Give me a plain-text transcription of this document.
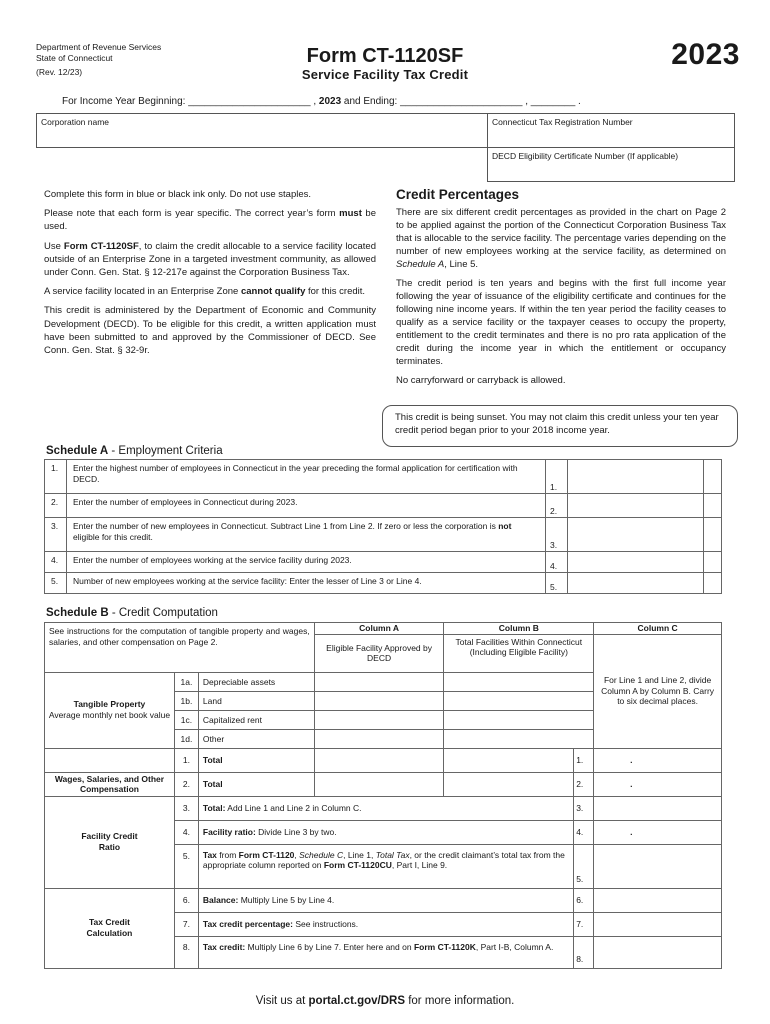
Department of Revenue Services
State of Connecticut
(Rev. 12/23)
Form CT-1120SF
Service Facility Tax Credit
2023
For Income Year Beginning: ______________________ , 2023 and Ending: ______________________ , ________ .
Corporation name	Connecticut Tax Registration Number
DECD Eligibility Certificate Number (If applicable)

Complete this form in blue or black ink only. Do not use staples.

Please note that each form is year specific. The correct year’s form must be used.

Use Form CT-1120SF, to claim the credit allocable to a service facility located outside of an Enterprise Zone in a targeted investment community, as allowed under Conn. Gen. Stat. § 12-217e against the Corporation Business Tax.

A service facility located in an Enterprise Zone cannot qualify for this credit.

This credit is administered by the Department of Economic and Community Development (DECD). To be eligible for this credit, a written application must have been submitted to and approved by the Commissioner of DECD. See Conn. Gen. Stat. § 32-9r.

Credit Percentages

There are six different credit percentages as provided in the chart on Page 2 to be applied against the portion of the Connecticut Corporation Business Tax that is allocable to the service facility. The percentage varies depending on the number of new employees working at the service facility, as determined on Schedule A, Line 5.

The credit period is ten years and begins with the first full income year following the year of issuance of the eligibility certificate and continues for the following nine income years. If within the ten year period the facility ceases to qualify as a service facility or the taxpayer ceases to occupy the property, entitlement to the credit terminates and there is no pro rata application of the credit during the income year in which the entitlement or occupancy terminates.

No carryforward or carryback is allowed.

This credit is being sunset. You may not claim this credit unless your ten year credit period began prior to your 2018 income year.
Schedule A - Employment Criteria
1.	Enter the highest number of employees in Connecticut in the year preceding the formal application for certification with DECD.	1.		
2.	Enter the number of employees in Connecticut during 2023.	2.		
3.	Enter the number of new employees in Connecticut. Subtract Line 1 from Line 2. If zero or less the corporation is not eligible for this credit.	3.		
4.	Enter the number of employees working at the service facility during 2023.	4.		
5.	Number of new employees working at the service facility: Enter the lesser of Line 3 or Line 4.	5.		
Schedule B - Credit Computation
See instructions for the computation of tangible property and wages, salaries, and other compensation on Page 2.			Column A	Column B		Column C
			Eligible Facility Approved by DECD	Total Facilities Within Connecticut (Including Eligible Facility)		For Line 1 and Line 2, divide Column A by Column B. Carry to six decimal places.

Tangible Property
Average monthly net book value	1a.	Depreciable assets				
	1b.	Land				
	1c.	Capitalized rent				
	1d.	Other				
	1.	Total			1.	.
Wages, Salaries, and Other Compensation	2.	Total			2.	.
Facility Credit Ratio	3.	Total: Add Line 1 and Line 2 in Column C.			3.	
	4.	Facility ratio: Divide Line 3 by two.			4.	.
	5.	Tax from Form CT-1120, Schedule C, Line 1, Total Tax, or the credit claimant’s total tax from the appropriate column reported on Form CT-1120CU, Part I, Line 9.			5.	
Tax Credit Calculation	6.	Balance: Multiply Line 5 by Line 4.			6.	
	7.	Tax credit percentage: See instructions.			7.	
	8.	Tax credit: Multiply Line 6 by Line 7. Enter here and on Form CT-1120K, Part I-B, Column A.			8.	
Visit us at portal.ct.gov/DRS for more information.
